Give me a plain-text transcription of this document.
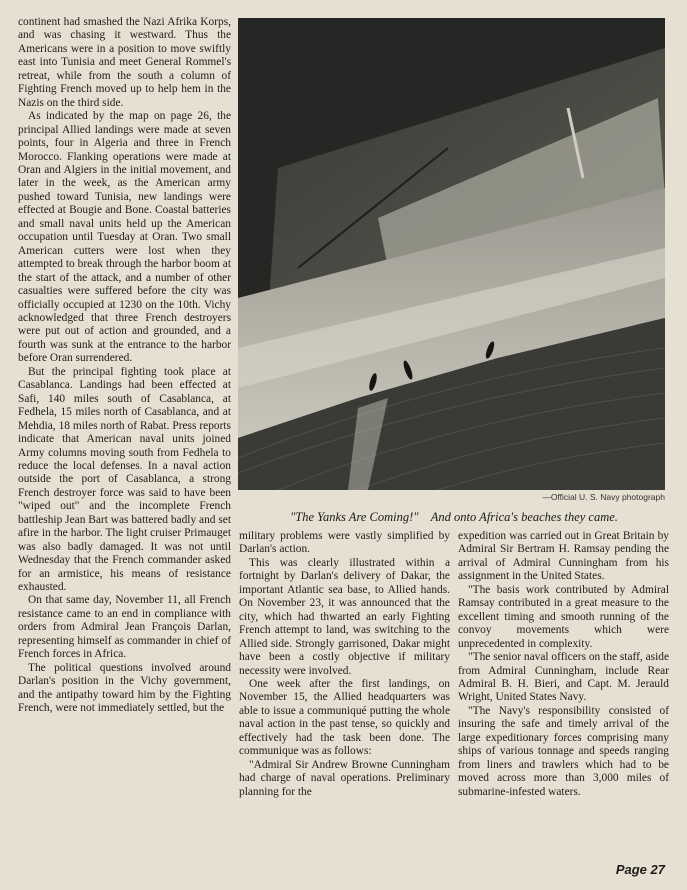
continent had smashed the Nazi Afrika Korps, and was chasing it westward. Thus the Americans were in a position to move swiftly east into Tunisia and meet General Rommel's retreat, while from the south a column of Fighting French moved up to help hem in the Nazis on the third side.

As indicated by the map on page 26, the principal Allied landings were made at seven points, four in Algeria and three in French Morocco. Flanking operations were made at Oran and Algiers in the initial movement, and later in the week, as the American army pushed toward Tunisia, new landings were effected at Bougie and Bone. Coastal batteries and small naval units held up the American occupation until Tuesday at Oran. Two small American cutters were lost when they attempted to break through the harbor boom at the start of the attack, and a number of other casualties were suffered before the city was officially occupied at 1230 on the 10th. Vichy acknowledged that three French destroyers were put out of action and grounded, and a fourth was sunk at the entrance to the harbor before Oran surrendered.

But the principal fighting took place at Casablanca. Landings had been effected at Safi, 140 miles south of Casablanca, at Fedhela, 15 miles north of Casablanca, and at Mehdia, 18 miles north of Rabat. Press reports indicate that American naval units joined Army columns moving south from Fedhela to reduce the local defenses. In a naval action outside the port of Casablanca, a strong French destroyer force was said to have been "wiped out" and the incomplete French battleship Jean Bart was battered badly and set afire in the harbor. The light cruiser Primauget was also badly damaged. It was not until Wednesday that the French commander asked for an armistice, his means of resistance exhausted.

On that same day, November 11, all French resistance came to an end in compliance with orders from Admiral Jean François Darlan, representing himself as commander in chief of French forces in Africa.

The political questions involved around Darlan's position in the Vichy government, and the antipathy toward him by the Fighting French, were not immediately settled, but the

—Official U. S. Navy photograph
"The Yanks Are Coming!" And onto Africa's beaches they came.

military problems were vastly simplified by Darlan's action.

This was clearly illustrated within a fortnight by Darlan's delivery of Dakar, the important Atlantic sea base, to Allied hands. On November 23, it was announced that the city, which had thwarted an early Fighting French attempt to land, was switching to the Allied side. Strongly garrisoned, Dakar might have been a costly objective if military necessity were involved.

One week after the first landings, on November 15, the Allied headquarters was able to issue a communiqué putting the whole naval action in the past tense, so quickly and effectively had the task been done. The communique was as follows:

"Admiral Sir Andrew Browne Cunningham had charge of naval operations. Preliminary planning for the

expedition was carried out in Great Britain by Admiral Sir Bertram H. Ramsay pending the arrival of Admiral Cunningham from his assignment in the United States.

"The basis work contributed by Admiral Ramsay contributed in a great measure to the excellent timing and smooth running of the convoy movements which were unprecedented in complexity.

"The senior naval officers on the staff, aside from Admiral Cunningham, include Rear Admiral B. H. Bieri, and Capt. M. Jerauld Wright, United States Navy.

"The Navy's responsibility consisted of insuring the safe and timely arrival of the large expeditionary forces comprising many ships of various tonnage and speeds ranging from liners and trawlers which had to be moved across more than 3,000 miles of submarine-infested waters.

Page 27
